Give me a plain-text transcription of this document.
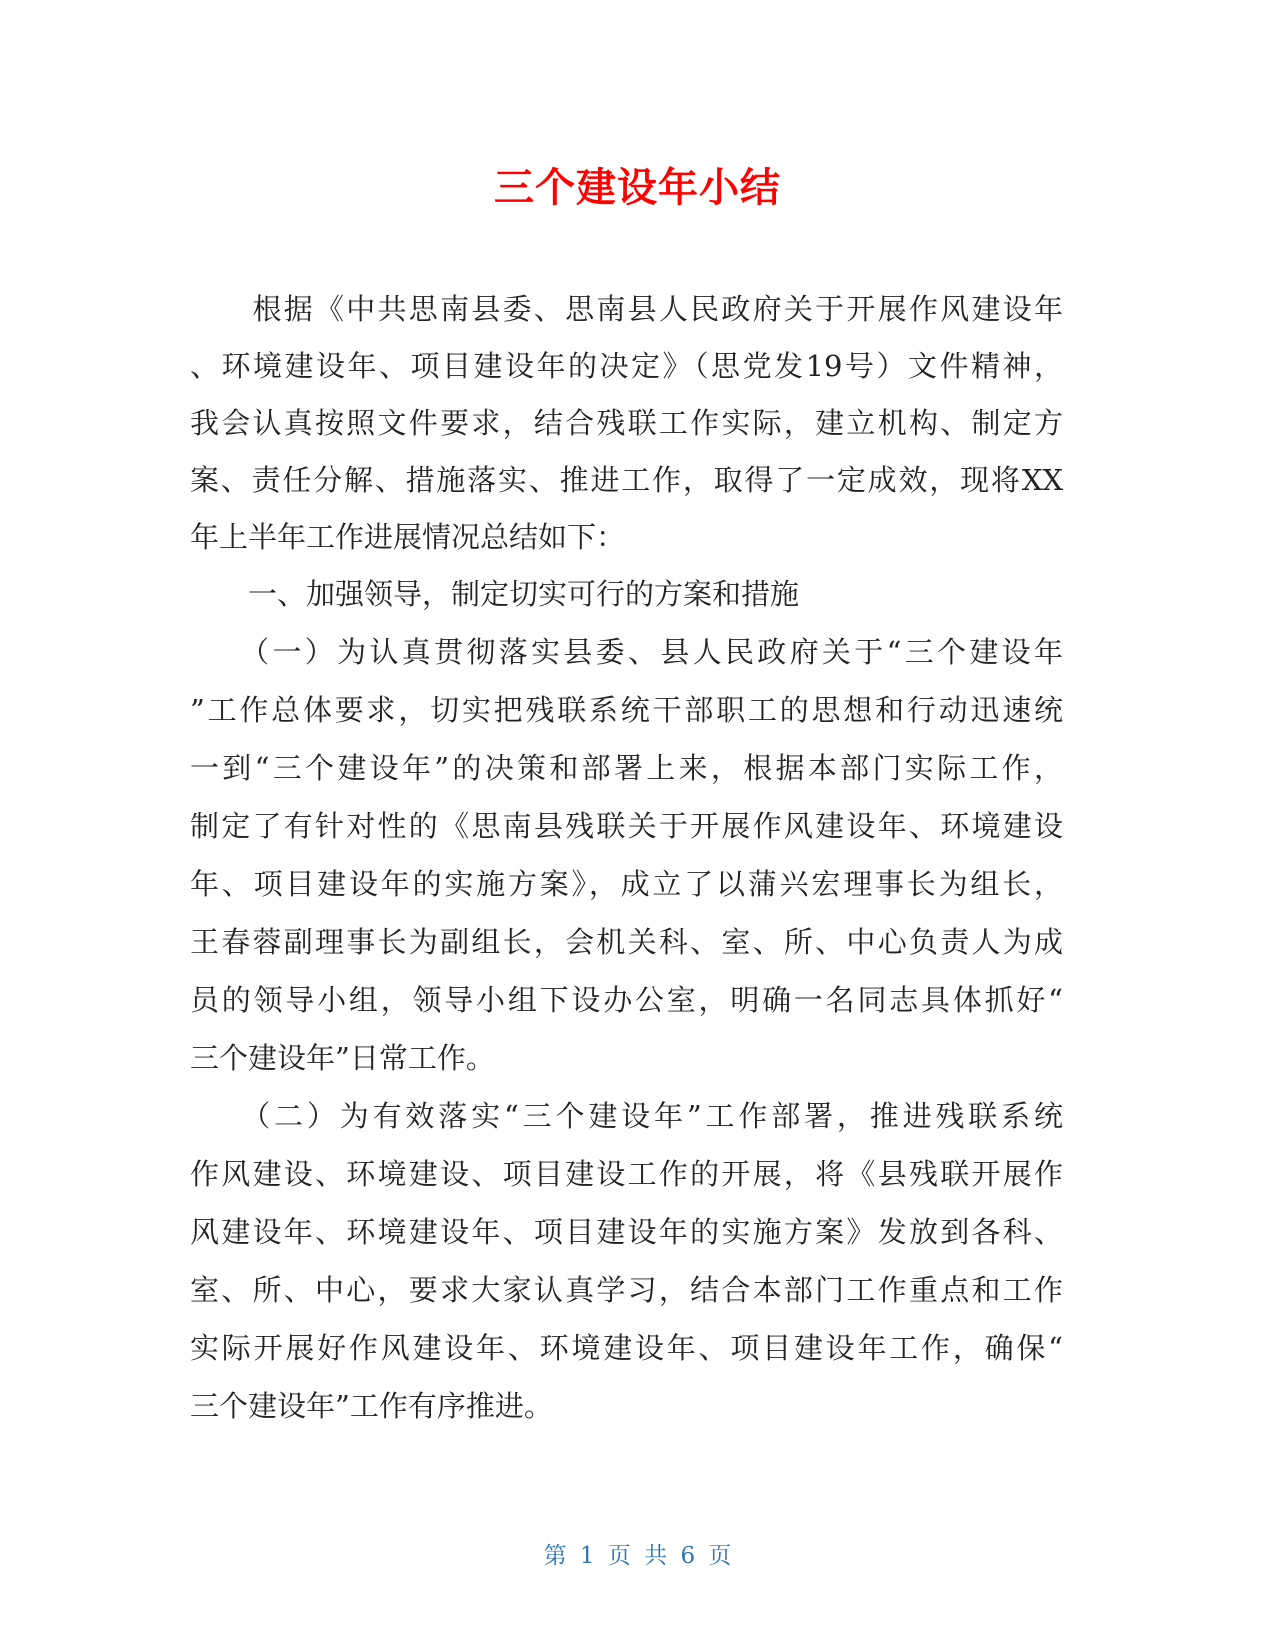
三个建设年小结
　　根据《中共思南县委、思南县人民政府关于开展作风建设年
、环境建设年、项目建设年的决定》（思党发19号）文件精神，
我会认真按照文件要求，结合残联工作实际，建立机构、制定方
案、责任分解、措施落实、推进工作，取得了一定成效，现将XX
年上半年工作进展情况总结如下：
　　一、加强领导，制定切实可行的方案和措施
　　（一）为认真贯彻落实县委、县人民政府关于“三个建设年
”工作总体要求，切实把残联系统干部职工的思想和行动迅速统
一到“三个建设年”的决策和部署上来，根据本部门实际工作，
制定了有针对性的《思南县残联关于开展作风建设年、环境建设
年、项目建设年的实施方案》，成立了以蒲兴宏理事长为组长，
王春蓉副理事长为副组长，会机关科、室、所、中心负责人为成
员的领导小组，领导小组下设办公室，明确一名同志具体抓好“
三个建设年”日常工作。
　　（二）为有效落实“三个建设年”工作部署，推进残联系统
作风建设、环境建设、项目建设工作的开展，将《县残联开展作
风建设年、环境建设年、项目建设年的实施方案》发放到各科、
室、所、中心，要求大家认真学习，结合本部门工作重点和工作
实际开展好作风建设年、环境建设年、项目建设年工作，确保“
三个建设年”工作有序推进。
第 1 页 共 6 页
